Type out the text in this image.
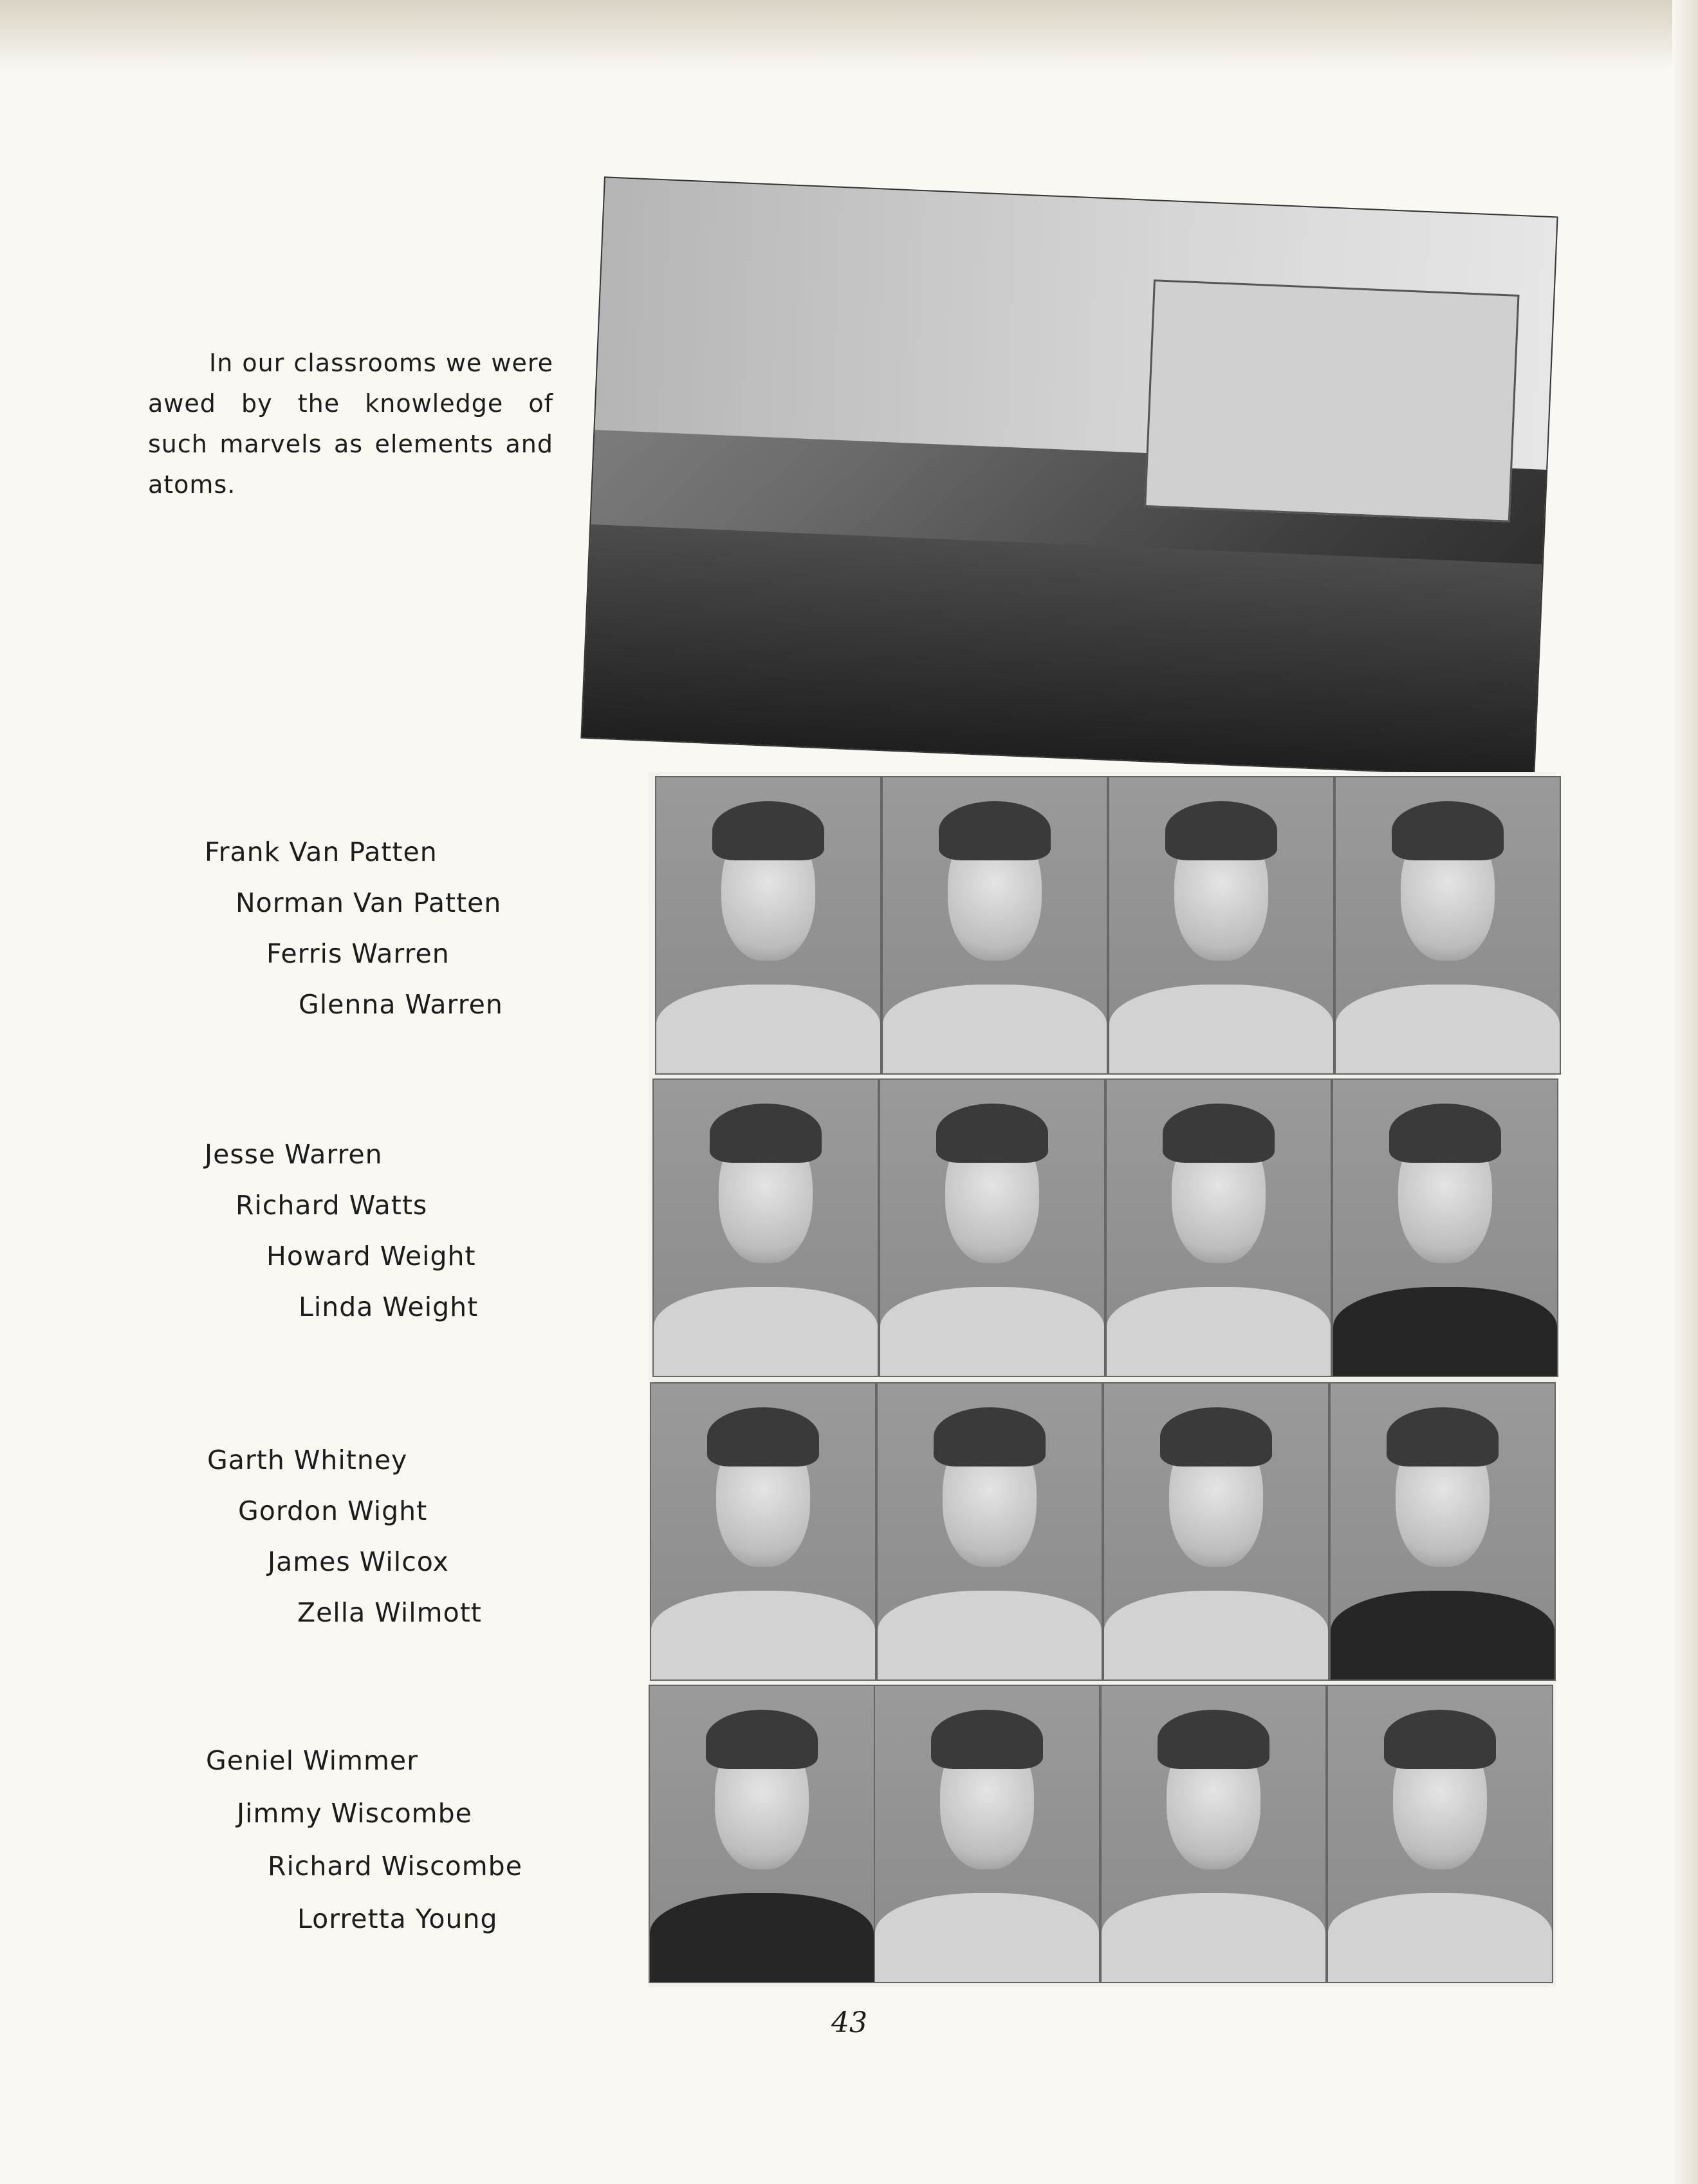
In our classrooms we were awed by the knowledge of such marvels as elements and atoms.

Frank Van Patten
Norman Van Patten
Ferris Warren
Glenna Warren
Jesse Warren
Richard Watts
Howard Weight
Linda Weight
Garth Whitney
Gordon Wight
James Wilcox
Zella Wilmott
Geniel Wimmer
Jimmy Wiscombe
Richard Wiscombe
Lorretta Young
43
